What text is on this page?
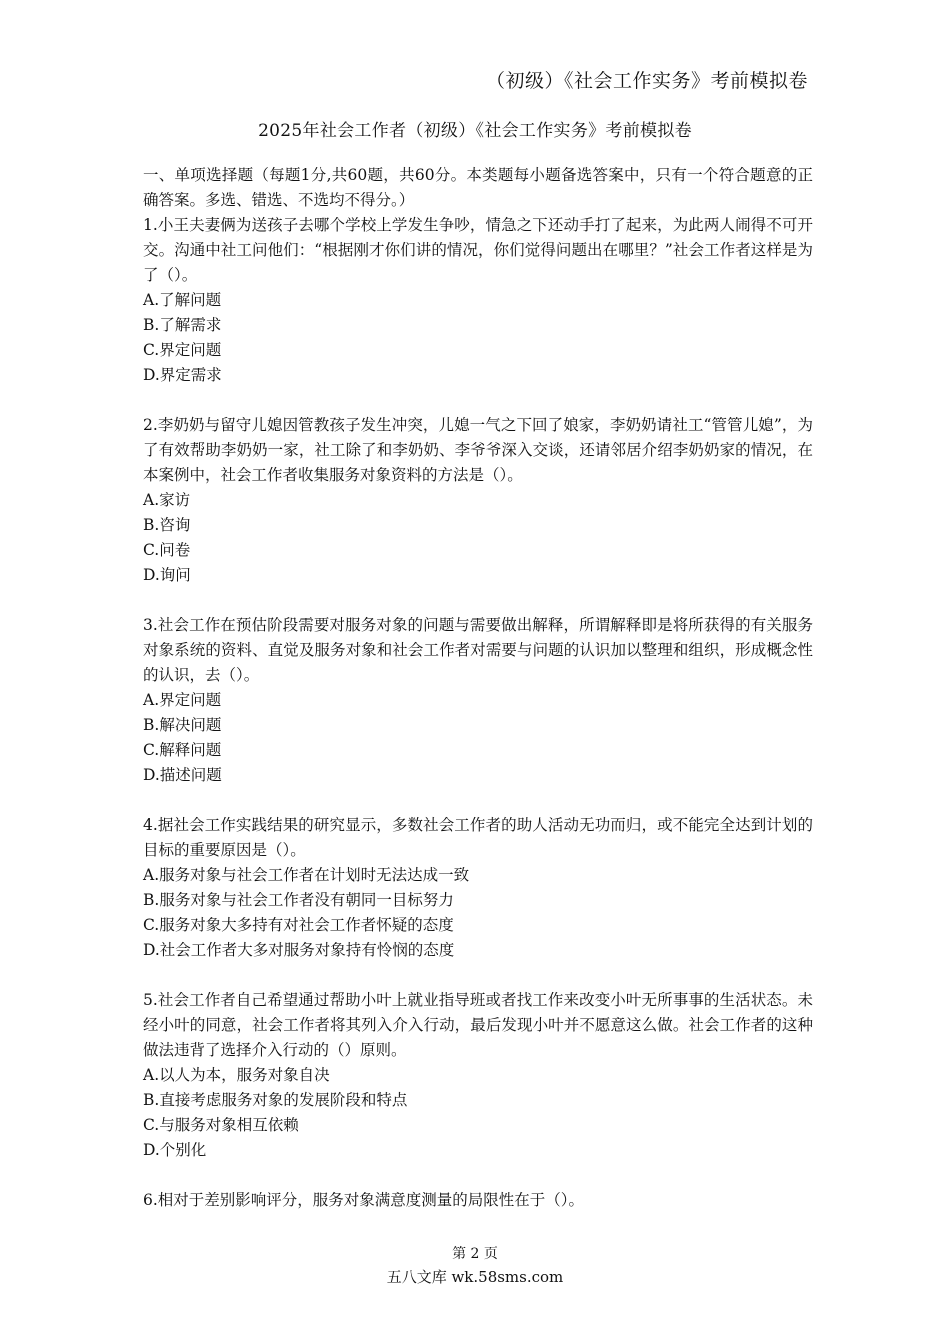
（初级）《社会工作实务》考前模拟卷
2025年社会工作者（初级）《社会工作实务》考前模拟卷

一、单项选择题（每题1分,共60题，共60分。本类题每小题备选答案中，只有一个符合题意的正确答案。多选、错选、不选均不得分。）

1.小王夫妻俩为送孩子去哪个学校上学发生争吵，情急之下还动手打了起来，为此两人闹得不可开交。沟通中社工问他们：“根据刚才你们讲的情况，你们觉得问题出在哪里？”社会工作者这样是为了（）。

A.了解问题

B.了解需求

C.界定问题

D.界定需求

2.李奶奶与留守儿媳因管教孩子发生冲突，儿媳一气之下回了娘家，李奶奶请社工“管管儿媳”，为了有效帮助李奶奶一家，社工除了和李奶奶、李爷爷深入交谈，还请邻居介绍李奶奶家的情况，在本案例中，社会工作者收集服务对象资料的方法是（）。

A.家访

B.咨询

C.问卷

D.询问

3.社会工作在预估阶段需要对服务对象的问题与需要做出解释，所谓解释即是将所获得的有关服务对象系统的资料、直觉及服务对象和社会工作者对需要与问题的认识加以整理和组织，形成概念性的认识，去（）。

A.界定问题

B.解决问题

C.解释问题

D.描述问题

4.据社会工作实践结果的研究显示，多数社会工作者的助人活动无功而归，或不能完全达到计划的目标的重要原因是（）。

A.服务对象与社会工作者在计划时无法达成一致

B.服务对象与社会工作者没有朝同一目标努力

C.服务对象大多持有对社会工作者怀疑的态度

D.社会工作者大多对服务对象持有怜悯的态度

5.社会工作者自己希望通过帮助小叶上就业指导班或者找工作来改变小叶无所事事的生活状态。未经小叶的同意，社会工作者将其列入介入行动，最后发现小叶并不愿意这么做。社会工作者的这种做法违背了选择介入行动的（）原则。

A.以人为本，服务对象自决

B.直接考虑服务对象的发展阶段和特点

C.与服务对象相互依赖

D.个别化

6.相对于差别影响评分，服务对象满意度测量的局限性在于（）。

第 2 页
五八文库 wk.58sms.com
